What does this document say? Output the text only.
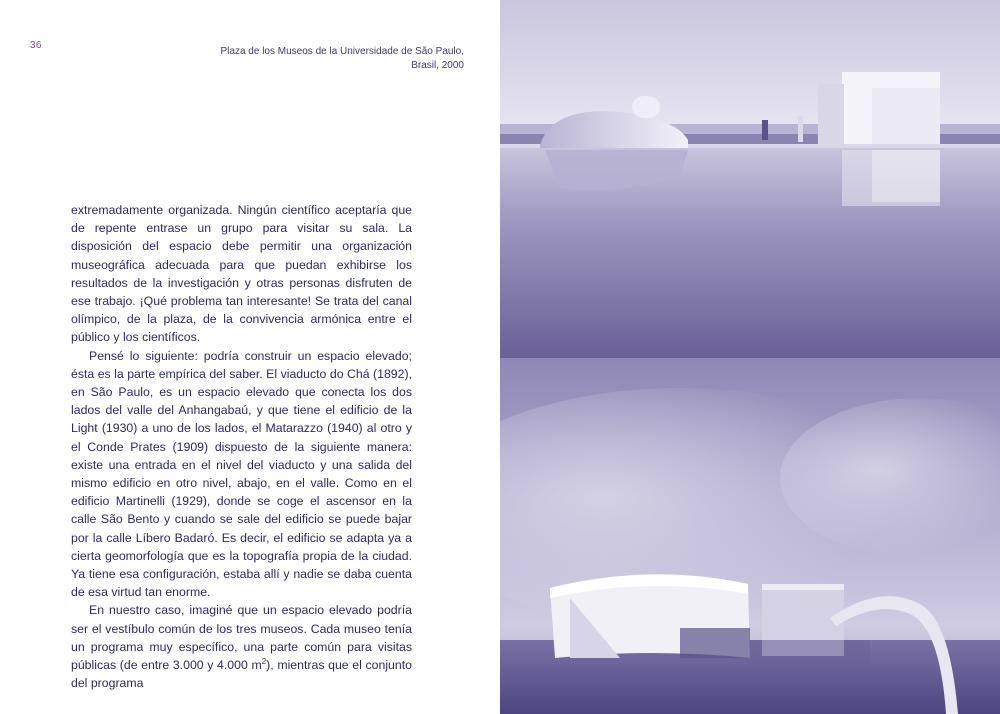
36
Plaza de los Museos de la Universidade de São Paulo,
Brasil, 2000

extremadamente organizada. Ningún científico aceptaría que de repente entrase un grupo para visitar su sala. La disposición del espacio debe permitir una organización museográfica adecuada para que puedan exhibirse los resultados de la investigación y otras personas disfruten de ese trabajo. ¡Qué problema tan interesante! Se trata del canal olímpico, de la plaza, de la convivencia armónica entre el público y los científicos.

Pensé lo siguiente: podría construir un espacio elevado; ésta es la parte empírica del saber. El viaducto do Chá (1892), en São Paulo, es un espacio elevado que conecta los dos lados del valle del Anhangabaú, y que tiene el edificio de la Light (1930) a uno de los lados, el Matarazzo (1940) al otro y el Conde Prates (1909) dispuesto de la siguiente manera: existe una entrada en el nivel del viaducto y una salida del mismo edificio en otro nivel, abajo, en el valle. Como en el edificio Martinelli (1929), donde se coge el ascensor en la calle São Bento y cuando se sale del edificio se puede bajar por la calle Líbero Badaró. Es decir, el edificio se adapta ya a cierta geomorfología que es la topografía propia de la ciudad. Ya tiene esa configuración, estaba allí y nadie se daba cuenta de esa virtud tan enorme.

En nuestro caso, imaginé que un espacio elevado podría ser el vestíbulo común de los tres museos. Cada museo tenía un programa muy específico, una parte común para visitas públicas (de entre 3.000 y 4.000 $m^2$), mientras que el conjunto del programa
